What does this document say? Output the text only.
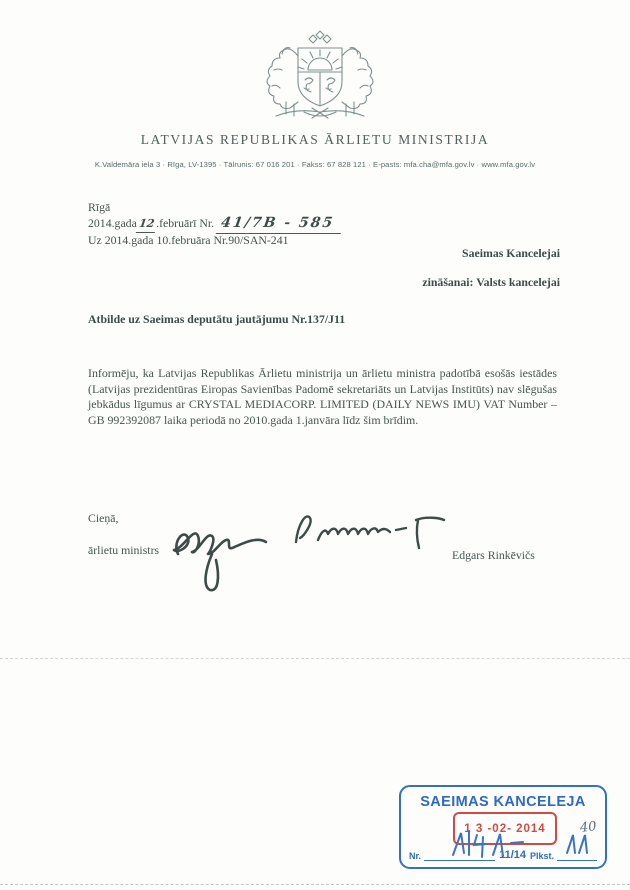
LATVIJAS REPUBLIKAS ĀRLIETU MINISTRIJA
K.Valdemāra iela 3 · Rīga, LV-1395 · Tālrunis: 67 016 201 · Fakss: 67 828 121 · E-pasts: mfa.cha@mfa.gov.lv · www.mfa.gov.lv
Rīgā
2014.gada12.februārī Nr. 41/7B - 585
Uz 2014.gada 10.februāra Nr.90/SAN-241
Saeimas Kancelejai
zināšanai: Valsts kancelejai
Atbilde uz Saeimas deputātu jautājumu Nr.137/J11
Informēju, ka Latvijas Republikas Ārlietu ministrija un ārlietu ministra padotībā esošās iestādes (Latvijas prezidentūras Eiropas Savienības Padomē sekretariāts un Latvijas Institūts) nav slēgušas jebkādus līgumus ar CRYSTAL MEDIACORP. LIMITED (DAILY NEWS IMU) VAT Number – GB 992392087 laika periodā no 2010.gada 1.janvāra līdz šim brīdim.
Cieņā,
ārlietu ministrs	Edgars Rinkēvičs
SAEIMAS KANCELEJA
1 3 -02- 2014
Nr.	11/14 Plkst.
40
